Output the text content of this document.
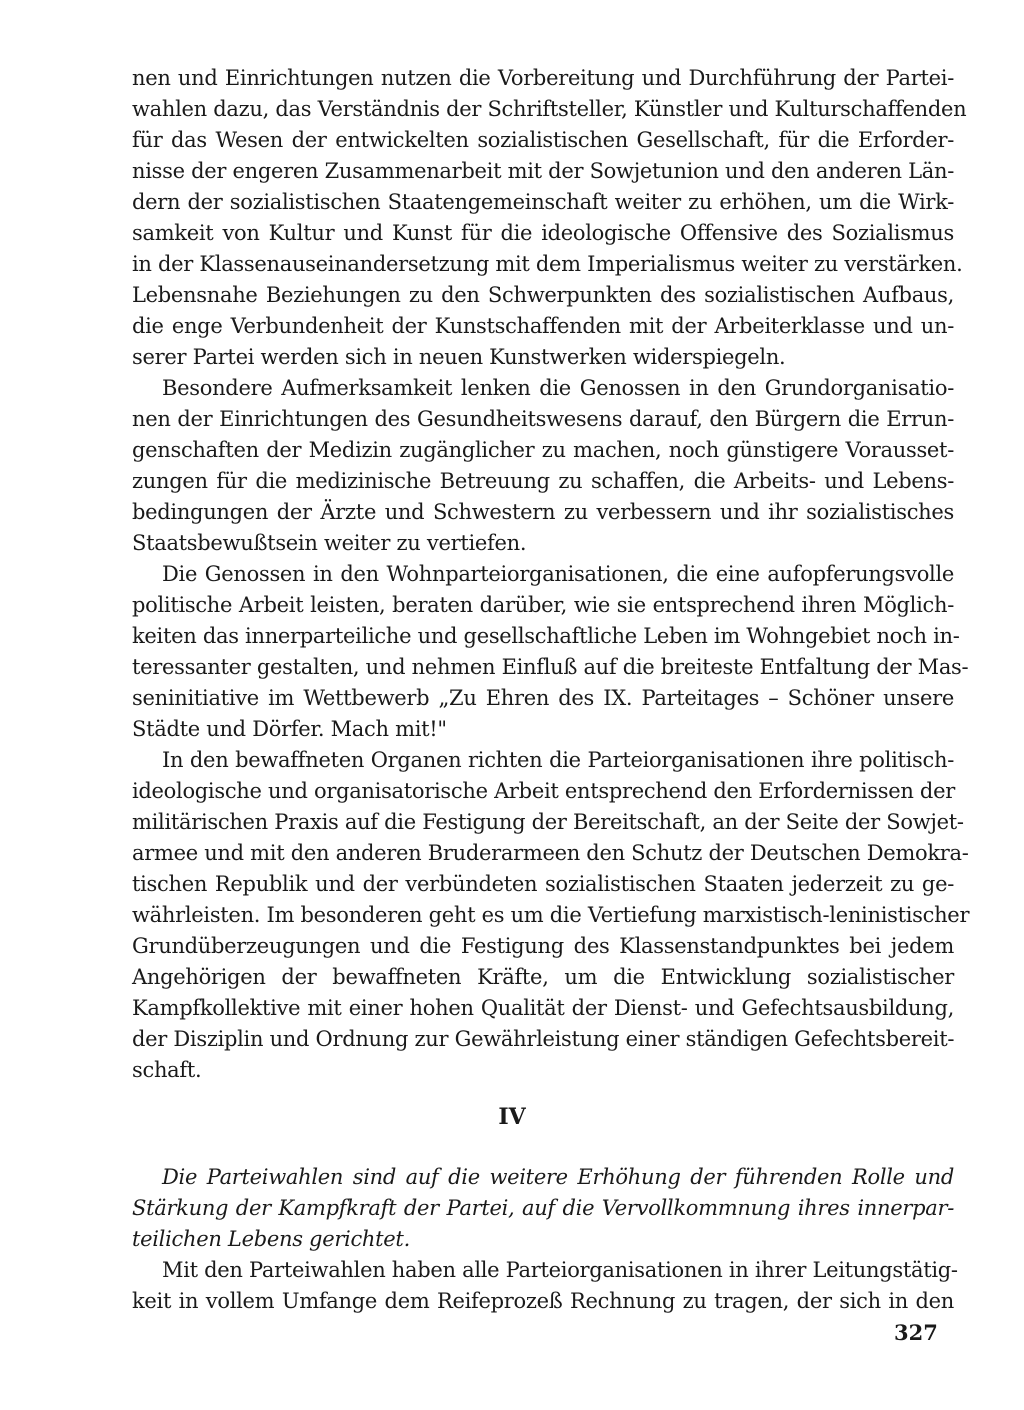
nen und Einrichtungen nutzen die Vorbereitung und Durchführung der Partei-
wahlen dazu, das Verständnis der Schriftsteller, Künstler und Kulturschaffenden
für das Wesen der entwickelten sozialistischen Gesellschaft, für die Erforder-
nisse der engeren Zusammenarbeit mit der Sowjetunion und den anderen Län-
dern der sozialistischen Staatengemeinschaft weiter zu erhöhen, um die Wirk-
samkeit von Kultur und Kunst für die ideologische Offensive des Sozialismus
in der Klassenauseinandersetzung mit dem Imperialismus weiter zu verstärken.
Lebensnahe Beziehungen zu den Schwerpunkten des sozialistischen Aufbaus,
die enge Verbundenheit der Kunstschaffenden mit der Arbeiterklasse und un-
serer Partei werden sich in neuen Kunstwerken widerspiegeln.
Besondere Aufmerksamkeit lenken die Genossen in den Grundorganisatio-
nen der Einrichtungen des Gesundheitswesens darauf, den Bürgern die Errun-
genschaften der Medizin zugänglicher zu machen, noch günstigere Vorausset-
zungen für die medizinische Betreuung zu schaffen, die Arbeits- und Lebens-
bedingungen der Ärzte und Schwestern zu verbessern und ihr sozialistisches
Staatsbewußtsein weiter zu vertiefen.
Die Genossen in den Wohnparteiorganisationen, die eine aufopferungsvolle
politische Arbeit leisten, beraten darüber, wie sie entsprechend ihren Möglich-
keiten das innerparteiliche und gesellschaftliche Leben im Wohngebiet noch in-
teressanter gestalten, und nehmen Einfluß auf die breiteste Entfaltung der Mas-
seninitiative im Wettbewerb „Zu Ehren des IX. Parteitages – Schöner unsere
Städte und Dörfer. Mach mit!"
In den bewaffneten Organen richten die Parteiorganisationen ihre politisch-
ideologische und organisatorische Arbeit entsprechend den Erfordernissen der
militärischen Praxis auf die Festigung der Bereitschaft, an der Seite der Sowjet-
armee und mit den anderen Bruderarmeen den Schutz der Deutschen Demokra-
tischen Republik und der verbündeten sozialistischen Staaten jederzeit zu ge-
währleisten. Im besonderen geht es um die Vertiefung marxistisch-leninistischer
Grundüberzeugungen und die Festigung des Klassenstandpunktes bei jedem
Angehörigen der bewaffneten Kräfte, um die Entwicklung sozialistischer
Kampfkollektive mit einer hohen Qualität der Dienst- und Gefechtsausbildung,
der Disziplin und Ordnung zur Gewährleistung einer ständigen Gefechtsbereit-
schaft.
IV
Die Parteiwahlen sind auf die weitere Erhöhung der führenden Rolle und
Stärkung der Kampfkraft der Partei, auf die Vervollkommnung ihres innerpar-
teilichen Lebens gerichtet.
Mit den Parteiwahlen haben alle Parteiorganisationen in ihrer Leitungstätig-
keit in vollem Umfange dem Reifeprozeß Rechnung zu tragen, der sich in den
327
